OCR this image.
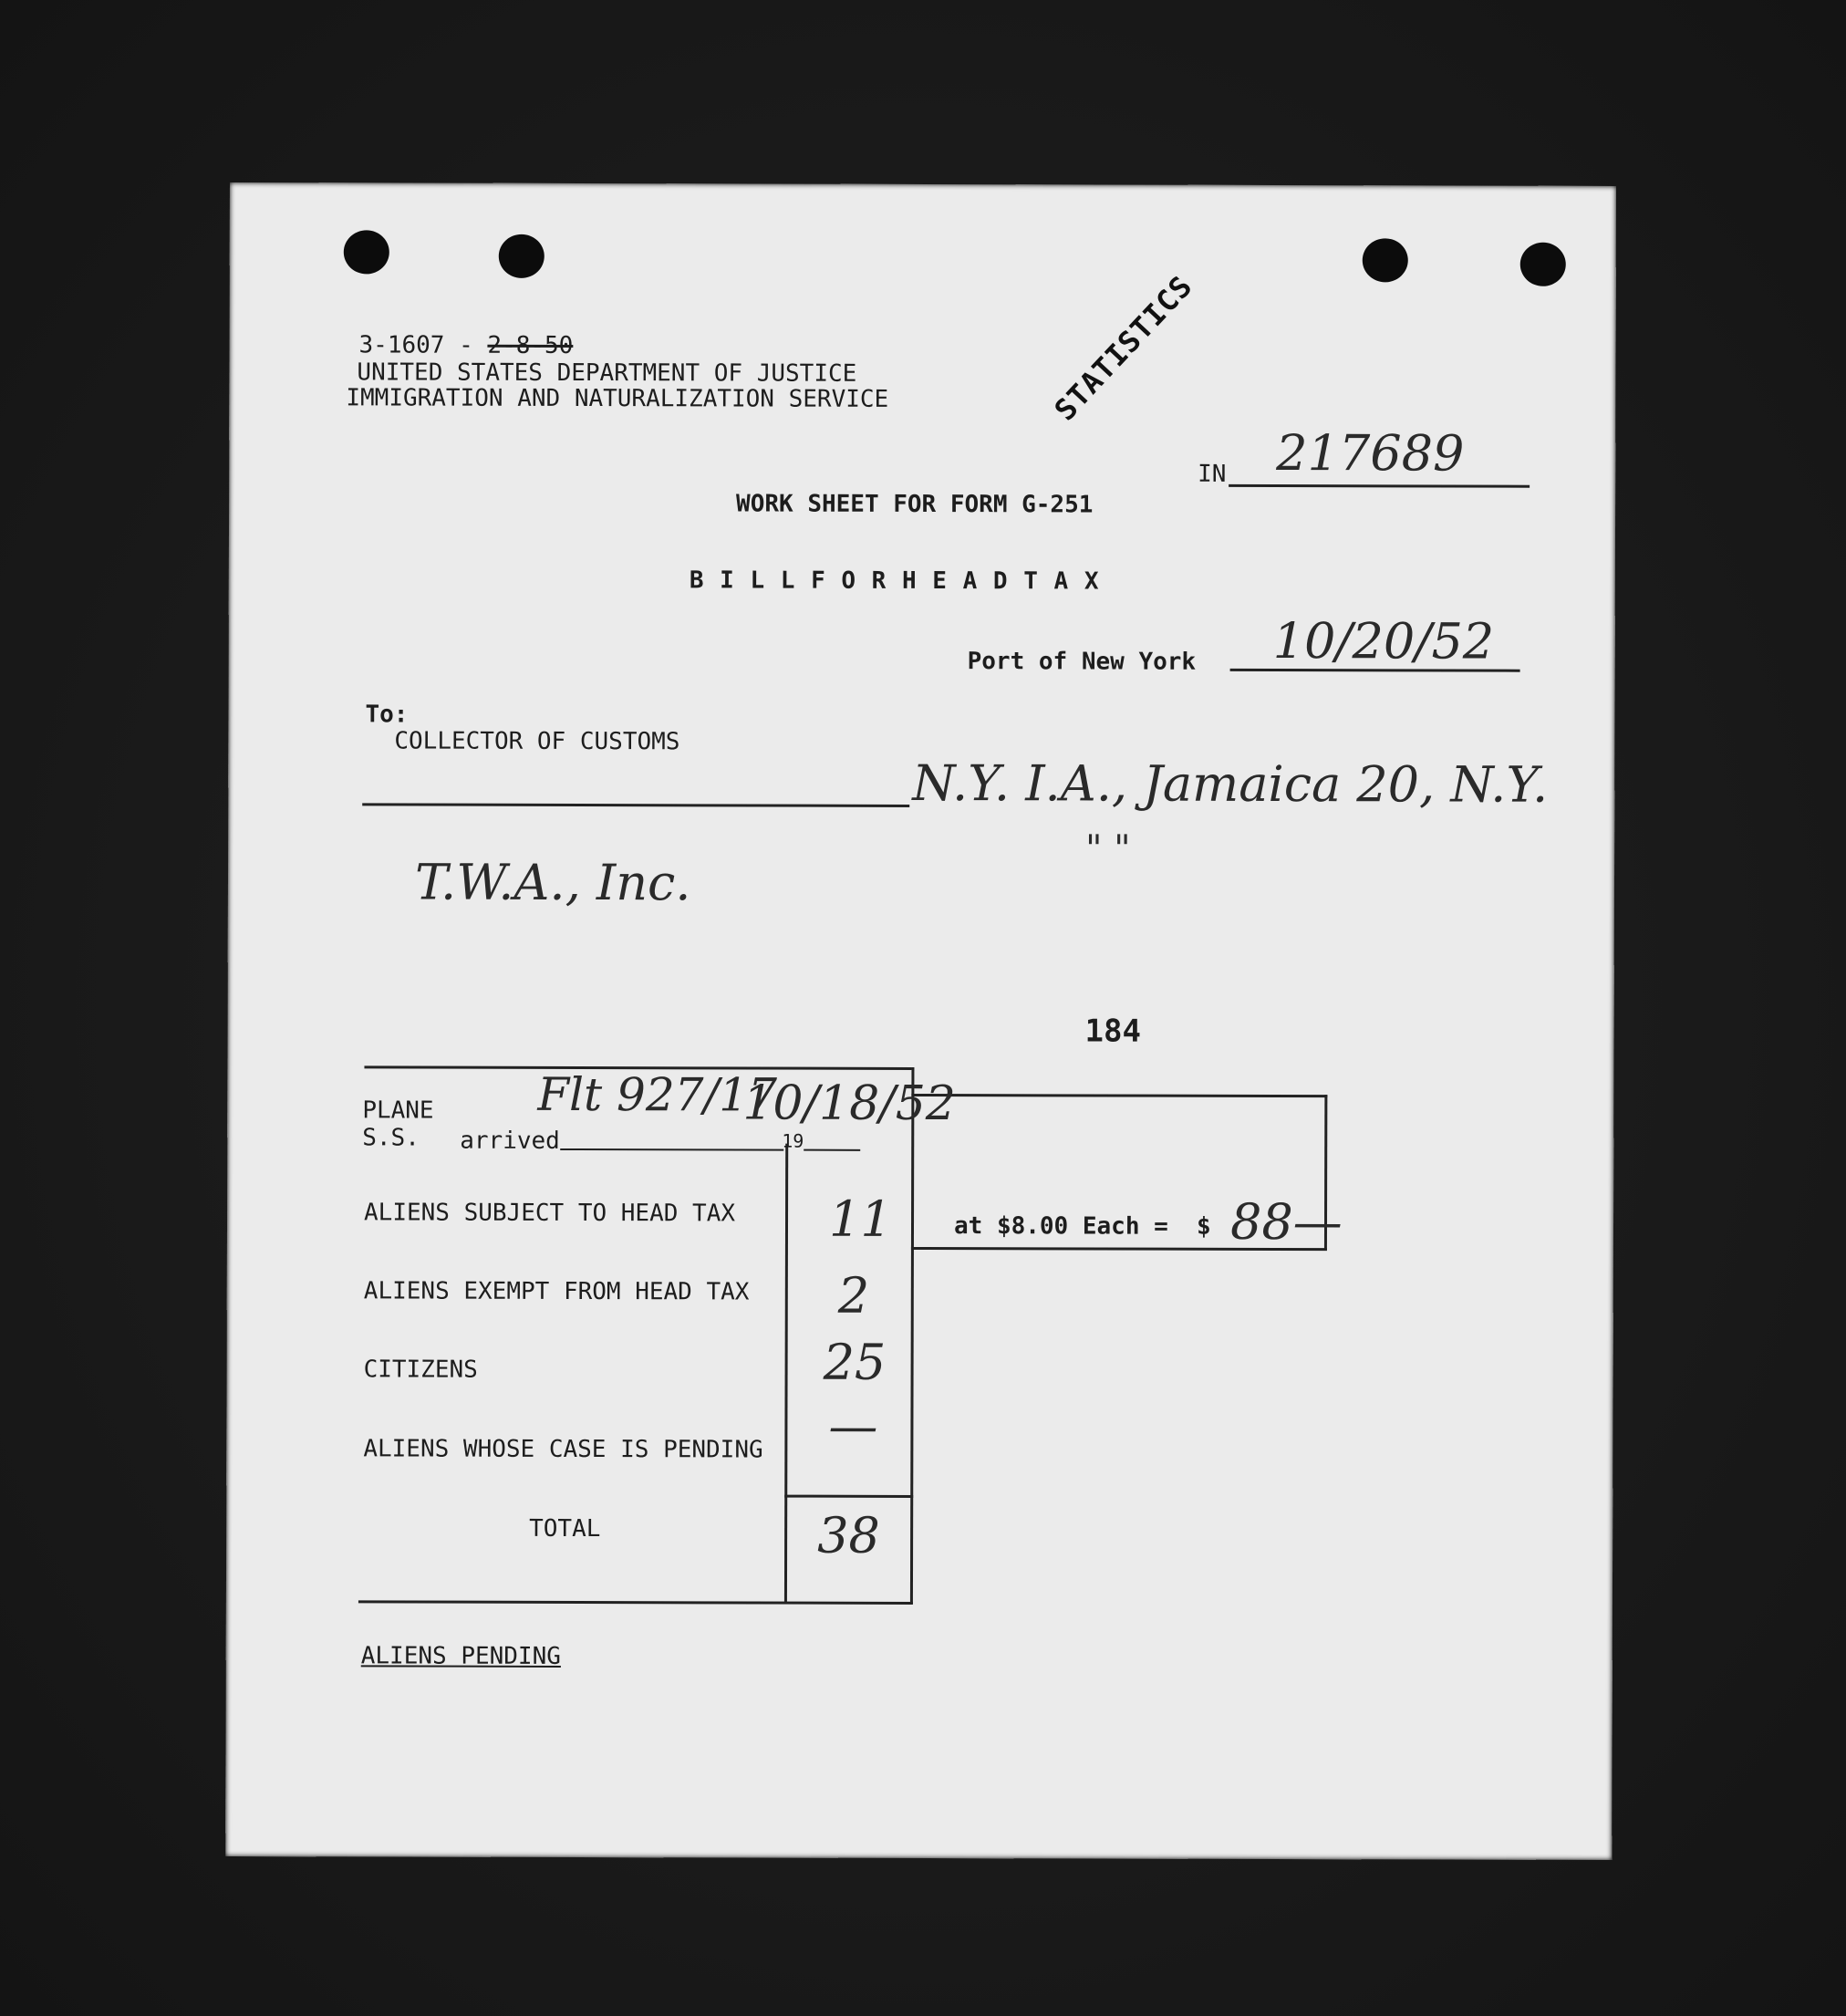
3-1607 - 2-8-50
UNITED STATES DEPARTMENT OF JUSTICE
IMMIGRATION AND NATURALIZATION SERVICE	STATISTICS
IN 217689
WORK SHEET FOR FORM G-251
B I L L F O R H E A D T A X
Port of New York 10/20/52
To:
COLLECTOR OF CUSTOMS
N.Y. I.A., Jamaica 20, N.Y.
" "
T.W.A., Inc.
184
PLANE
S.S. arrived	19
Flt 927/17
10/18/52
ALIENS SUBJECT TO HEAD TAX 11
ALIENS EXEMPT FROM HEAD TAX 2
CITIZENS	25
ALIENS WHOSE CASE IS PENDING —
TOTAL	38
at $8.00 Each = $ 88—
ALIENS PENDING
